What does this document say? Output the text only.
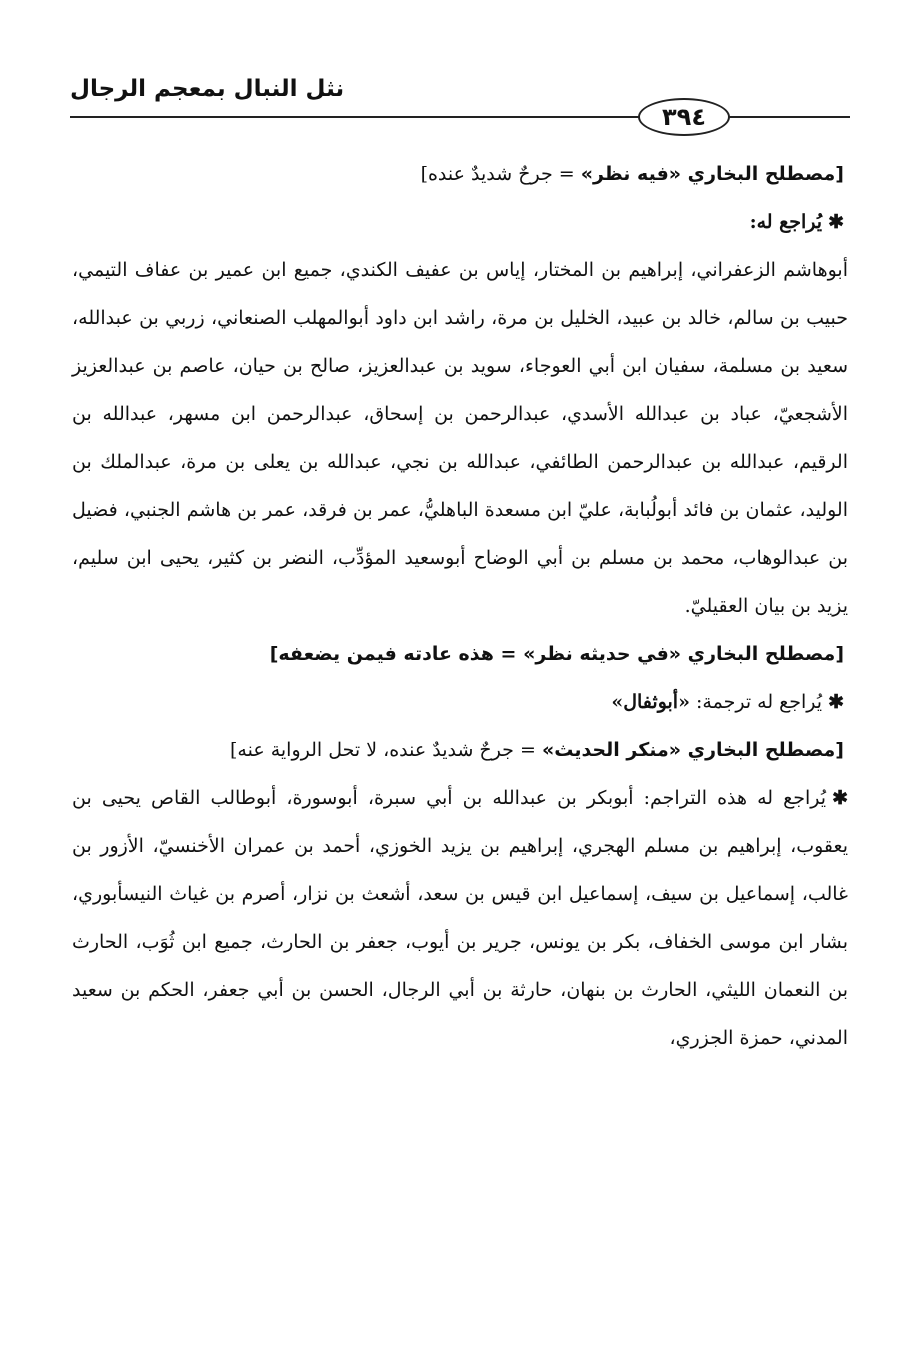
نثل النبال بمعجم الرجال
٣٩٤

[مصطلح البخاري «فيه نظر» = جرحٌ شديدٌ عنده]

✱يُراجع له:

أبوهاشم الزعفراني، إبراهيم بن المختار، إياس بن عفيف الكندي، جميع ابن عمير بن عفاف التيمي، حبيب بن سالم، خالد بن عبيد، الخليل بن مرة، راشد ابن داود أبوالمهلب الصنعاني، زربي بن عبدالله، سعيد بن مسلمة، سفيان ابن أبي العوجاء، سويد بن عبدالعزيز، صالح بن حيان، عاصم بن عبدالعزيز الأشجعيّ، عباد بن عبدالله الأسدي، عبدالرحمن بن إسحاق، عبدالرحمن ابن مسهر، عبدالله بن الرقيم، عبدالله بن عبدالرحمن الطائفي، عبدالله بن نجي، عبدالله بن يعلى بن مرة، عبدالملك بن الوليد، عثمان بن فائد أبولُبابة، عليّ ابن مسعدة الباهليُّ، عمر بن فرقد، عمر بن هاشم الجنبي، فضيل بن عبدالوهاب، محمد بن مسلم بن أبي الوضاح أبوسعيد المؤدِّب، النضر بن كثير، يحيى ابن سليم، يزيد بن بيان العقيليّ.

[مصطلح البخاري «في حديثه نظر» = هذه عادته فيمن يضعفه]

✱يُراجع له ترجمة: «أبوثفال»

[مصطلح البخاري «منكر الحديث» = جرحٌ شديدٌ عنده، لا تحل الرواية عنه]

✱يُراجع له هذه التراجم: أبوبكر بن عبدالله بن أبي سبرة، أبوسورة، أبوطالب القاص يحيى بن يعقوب، إبراهيم بن مسلم الهجري، إبراهيم بن يزيد الخوزي، أحمد بن عمران الأخنسيّ، الأزور بن غالب، إسماعيل بن سيف، إسماعيل ابن قيس بن سعد، أشعث بن نزار، أصرم بن غياث النيسأبوري، بشار ابن موسى الخفاف، بكر بن يونس، جرير بن أيوب، جعفر بن الحارث، جميع ابن ثُوَب، الحارث بن النعمان الليثي، الحارث بن بنهان، حارثة بن أبي الرجال، الحسن بن أبي جعفر، الحكم بن سعيد المدني، حمزة الجزري،
